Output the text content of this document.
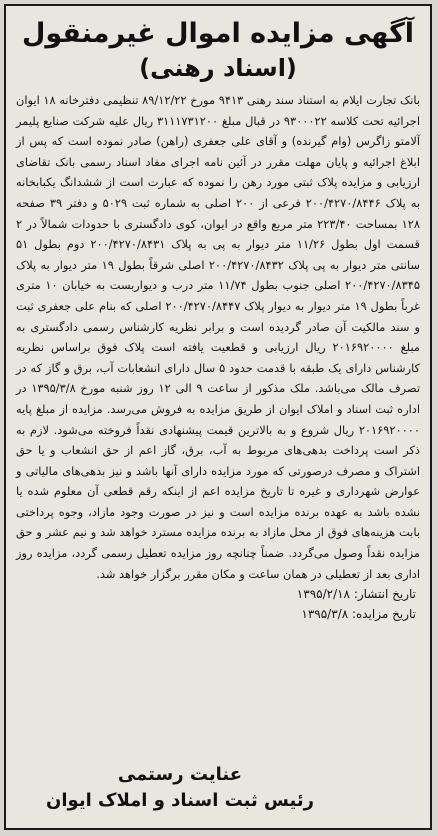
آگهی مزایده اموال غیرمنقول
(اسناد رهنی)
بانک تجارت ایلام به استناد سند رهنی ۹۴۱۳ مورخ ۸۹/۱۲/۲۲ تنظیمی دفترخانه ۱۸ ایوان اجرائیه تحت کلاسه ۹۳۰۰۰۲۲ در قبال مبلغ ۳۱۱۱۷۳۱۲۰۰ ریال علیه شرکت صنایع پلیمر آلامتو زاگرس (وام گیرنده) و آقای علی جعفری (راهن) صادر نموده است که پس از ابلاغ اجرائیه و پایان مهلت مقرر در آئین نامه اجرای مفاد اسناد رسمی بانک تقاضای ارزیابی و مزایده پلاک ثبتی مورد رهن را نموده که عبارت است از ششدانگ یکبابخانه به پلاک ۲۰۰/۴۲۷۰/۸۴۴۶ فرعی از ۲۰۰ اصلی به شماره ثبت ۵۰۲۹ و دفتر ۳۹ صفحه ۱۲۸ بمساحت ۲۲۳/۴۰ متر مربع واقع در ایوان، کوی دادگستری با حدودات شمالاً در ۲ قسمت اول بطول ۱۱/۲۶ متر دیوار به پی به پلاک ۲۰۰/۴۲۷۰/۸۴۳۱ دوم بطول ۵۱ سانتی متر دیوار به پی پلاک ۲۰۰/۴۲۷۰/۸۴۳۲ اصلی شرقاً بطول ۱۹ متر دیوار به پلاک ۲۰۰/۴۲۷۰/۸۳۴۵ اصلی جنوب بطول ۱۱/۷۴ متر درب و دیواربست به خیابان ۱۰ متری غرباً بطول ۱۹ متر دیوار به دیوار پلاک ۲۰۰/۴۲۷۰/۸۴۴۷ اصلی که بنام علی جعفری ثبت و سند مالکیت آن صادر گردیده است و برابر نظریه کارشناس رسمی دادگستری به مبلغ ۲۰۱۶۹۲۰۰۰۰ ریال ارزیابی و قطعیت یافته است پلاک فوق براساس نظریه کارشناس دارای یک طبقه با قدمت حدود ۵ سال دارای انشعابات آب، برق و گاز که در تصرف مالک می‌باشد. ملک مذکور از ساعت ۹ الی ۱۲ روز شنبه مورخ ۱۳۹۵/۳/۸ در اداره ثبت اسناد و املاک ایوان از طریق مزایده به فروش می‌رسد. مزایده از مبلغ پایه ۲۰۱۶۹۲۰۰۰۰ ریال شروع و به بالاترین قیمت پیشنهادی نقداً فروخته می‌شود. لازم به ذکر است پرداخت بدهی‌های مربوط به آب، برق، گاز اعم از حق انشعاب و یا حق اشتراک و مصرف درصورتی که مورد مزایده دارای آنها باشد و نیز بدهی‌های مالیاتی و عوارض شهرداری و غیره تا تاریخ مزایده اعم از اینکه رقم قطعی آن معلوم شده یا نشده باشد به عهده برنده مزایده است و نیز در صورت وجود مازاد، وجوه پرداختی بابت هزینه‌های فوق از محل مازاد به برنده مزایده مسترد خواهد شد و نیم عشر و حق مزایده نقداً وصول می‌گردد. ضمناً چنانچه روز مزایده تعطیل رسمی گردد، مزایده روز اداری بعد از تعطیلی در همان ساعت و مکان مقرر برگزار خواهد شد.
تاریخ انتشار: ۱۳۹۵/۲/۱۸
تاریخ مزایده: ۱۳۹۵/۳/۸
عنایت رستمی
رئیس ثبت اسناد و املاک ایوان
